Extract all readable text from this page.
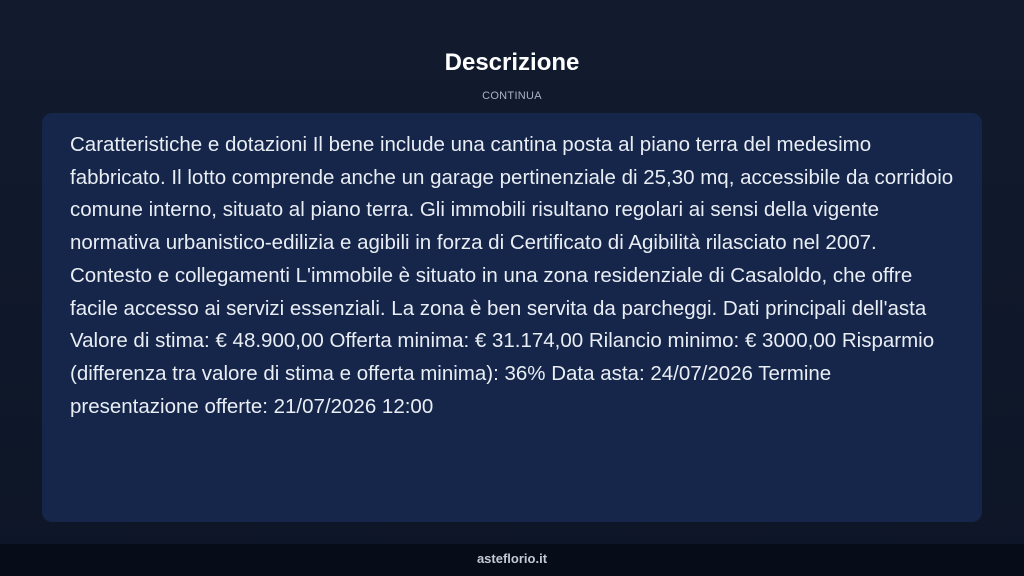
Descrizione
CONTINUA

Caratteristiche e dotazioni Il bene include una cantina posta al piano terra del medesimo fabbricato. Il lotto comprende anche un garage pertinenziale di 25,30 mq, accessibile da corridoio comune interno, situato al piano terra. Gli immobili risultano regolari ai sensi della vigente normativa urbanistico-edilizia e agibili in forza di Certificato di Agibilità rilasciato nel 2007. Contesto e collegamenti L'immobile è situato in una zona residenziale di Casaloldo, che offre facile accesso ai servizi essenziali. La zona è ben servita da parcheggi. Dati principali dell'asta Valore di stima: € 48.900,00 Offerta minima: € 31.174,00 Rilancio minimo: € 3000,00 Risparmio (differenza tra valore di stima e offerta minima): 36% Data asta: 24/07/2026 Termine presentazione offerte: 21/07/2026 12:00

asteflorio.it
